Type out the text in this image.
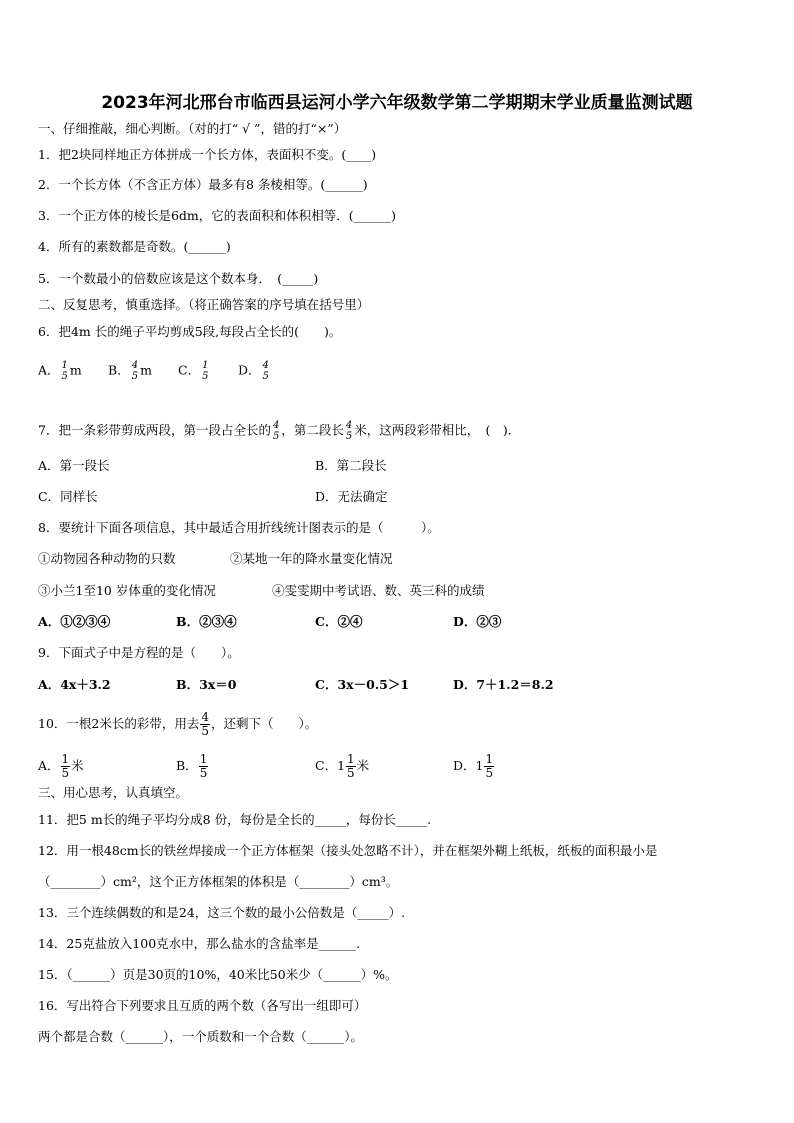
2023年河北邢台市临西县运河小学六年级数学第二学期期末学业质量监测试题
一、仔细推敲，细心判断。（对的打“ √ ”，错的打“×”）
1．把2块同样地正方体拼成一个长方体，表面积不变。(____)
2．一个长方体（不含正方体）最多有8 条棱相等。(______)
3．一个正方体的棱长是6dm，它的表面积和体积相等．(______)
4．所有的素数都是奇数。(______)
5．一个数最小的倍数应该是这个数本身．　(_____)
二、反复思考，慎重选择。（将正确答案的序号填在括号里）
6．把4m 长的绳子平均剪成5段,每段占全长的(　　)。
A． 1
5 m B． 4
5 m C． 1
5 D． 4
5
7．把一条彩带剪成两段，第一段占全长的 4
5 ，第二段长 4
5 米，这两段彩带相比，　(　).
A．第一段长	B．第二段长
C．同样长	D．无法确定
8．要统计下面各项信息，其中最适合用折线统计图表示的是（　　　）。
①动物园各种动物的只数	②某地一年的降水量变化情况
③小兰1至10 岁体重的变化情况	④雯雯期中考试语、数、英三科的成绩
A．①②③④	B．②③④	C．②④	D．②③
9．下面式子中是方程的是（　　）。
A．4x＋3.2	B．3x＝0	C．3x－0.5＞1	D．7＋1.2＝8.2
10．一根2米长的彩带，用去 $\frac{4}{5}$ ，还剩下（　　）。
A． $\frac{1}{5}$ 米	B． $\frac{1}{5}$	C．$1 \frac{1}{5}$ 米	D．$1 \frac{1}{5}$
三、用心思考，认真填空。
11．把5 m长的绳子平均分成8 份，每份是全长的_____，每份长_____.
12．用一根48cm长的铁丝焊接成一个正方体框架（接头处忽略不计），并在框架外糊上纸板，纸板的面积最小是
（________）cm²，这个正方体框架的体积是（________）cm³。
13．三个连续偶数的和是24，这三个数的最小公倍数是（_____）.
14．25克盐放入100克水中，那么盐水的含盐率是______.
15．（______）页是30页的10%，40米比50米少（______）%。
16．写出符合下列要求且互质的两个数（各写出一组即可）
两个都是合数（______），一个质数和一个合数（______）。
